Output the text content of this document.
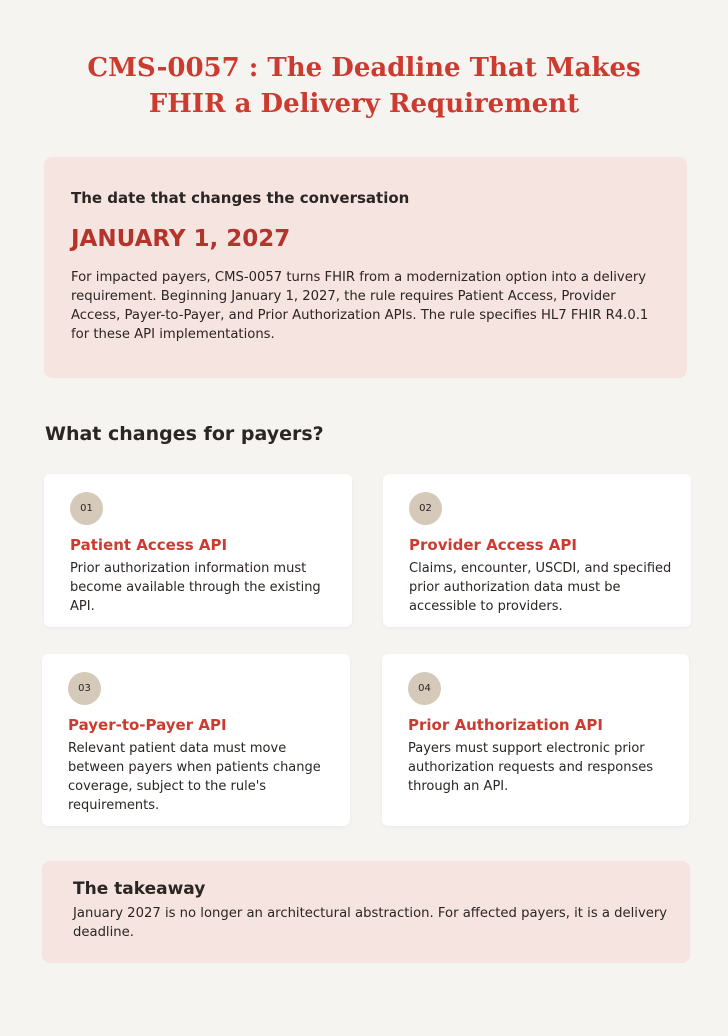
CMS-0057 : The Deadline That Makes
FHIR a Delivery Requirement
The date that changes the conversation
JANUARY 1, 2027

For impacted payers, CMS-0057 turns FHIR from a modernization option into a delivery requirement. Beginning January 1, 2027, the rule requires Patient Access, Provider Access, Payer-to-Payer, and Prior Authorization APIs. The rule specifies HL7 FHIR R4.0.1 for these API implementations.

What changes for payers?
01
Patient Access API

Prior authorization information must become available through the existing API.

02
Provider Access API

Claims, encounter, USCDI, and specified prior authorization data must be accessible to providers.

03
Payer-to-Payer API

Relevant patient data must move between payers when patients change coverage, subject to the rule's requirements.

04
Prior Authorization API

Payers must support electronic prior authorization requests and responses through an API.

The takeaway

January 2027 is no longer an architectural abstraction. For affected payers, it is a delivery deadline.
